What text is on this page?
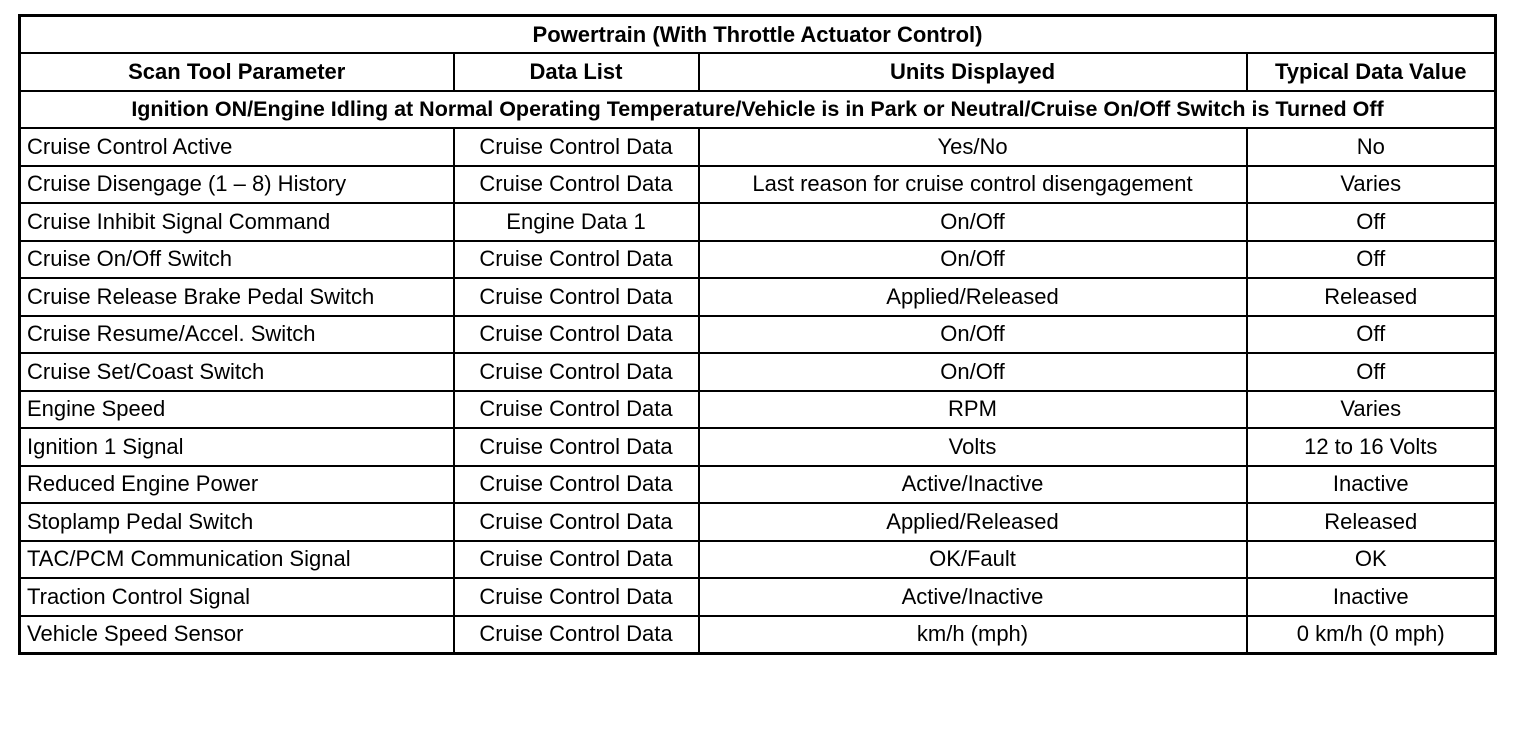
Powertrain (With Throttle Actuator Control)			
Scan Tool Parameter	Data List	Units Displayed	Typical Data Value
Ignition ON/Engine Idling at Normal Operating Temperature/Vehicle is in Park or Neutral/Cruise On/Off Switch is Turned Off			
Cruise Control Active	Cruise Control Data	Yes/No	No
Cruise Disengage (1 – 8) History	Cruise Control Data	Last reason for cruise control disengagement	Varies
Cruise Inhibit Signal Command	Engine Data 1	On/Off	Off
Cruise On/Off Switch	Cruise Control Data	On/Off	Off
Cruise Release Brake Pedal Switch	Cruise Control Data	Applied/Released	Released
Cruise Resume/Accel. Switch	Cruise Control Data	On/Off	Off
Cruise Set/Coast Switch	Cruise Control Data	On/Off	Off
Engine Speed	Cruise Control Data	RPM	Varies
Ignition 1 Signal	Cruise Control Data	Volts	12 to 16 Volts
Reduced Engine Power	Cruise Control Data	Active/Inactive	Inactive
Stoplamp Pedal Switch	Cruise Control Data	Applied/Released	Released
TAC/PCM Communication Signal	Cruise Control Data	OK/Fault	OK
Traction Control Signal	Cruise Control Data	Active/Inactive	Inactive
Vehicle Speed Sensor	Cruise Control Data	km/h (mph)	0 km/h (0 mph)
